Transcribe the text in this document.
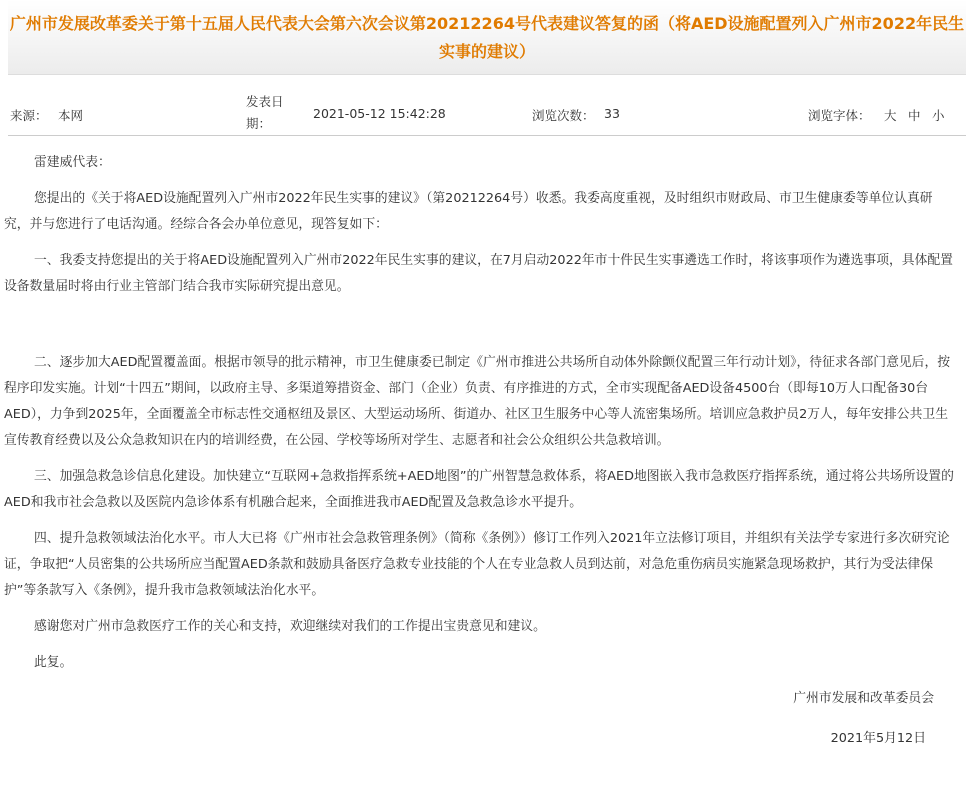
广州市发展改革委关于第十五届人民代表大会第六次会议第20212264号代表建议答复的函（将AED设施配置列入广州市2022年民生实事的建议）
来源： 本网
发表日期：
2021-05-12 15:42:28	浏览次数： 33	浏览字体： 大 中 小

雷建威代表：

您提出的《关于将AED设施配置列入广州市2022年民生实事的建议》（第20212264号）收悉。我委高度重视，及时组织市财政局、市卫生健康委等单位认真研究，并与您进行了电话沟通。经综合各会办单位意见，现答复如下：

一、我委支持您提出的关于将AED设施配置列入广州市2022年民生实事的建议，在7月启动2022年市十件民生实事遴选工作时，将该事项作为遴选事项，具体配置设备数量届时将由行业主管部门结合我市实际研究提出意见。

二、逐步加大AED配置覆盖面。根据市领导的批示精神，市卫生健康委已制定《广州市推进公共场所自动体外除颤仪配置三年行动计划》，待征求各部门意见后，按程序印发实施。计划“十四五”期间，以政府主导、多渠道筹措资金、部门（企业）负责、有序推进的方式，全市实现配备AED设备4500台（即每10万人口配备30台AED），力争到2025年，全面覆盖全市标志性交通枢纽及景区、大型运动场所、街道办、社区卫生服务中心等人流密集场所。培训应急救护员2万人，每年安排公共卫生宣传教育经费以及公众急救知识在内的培训经费，在公园、学校等场所对学生、志愿者和社会公众组织公共急救培训。

三、加强急救急诊信息化建设。加快建立“互联网+急救指挥系统+AED地图”的广州智慧急救体系，将AED地图嵌入我市急救医疗指挥系统，通过将公共场所设置的AED和我市社会急救以及医院内急诊体系有机融合起来，全面推进我市AED配置及急救急诊水平提升。

四、提升急救领域法治化水平。市人大已将《广州市社会急救管理条例》（简称《条例》）修订工作列入2021年立法修订项目，并组织有关法学专家进行多次研究论证，争取把“人员密集的公共场所应当配置AED条款和鼓励具备医疗急救专业技能的个人在专业急救人员到达前，对急危重伤病员实施紧急现场救护，其行为受法律保护”等条款写入《条例》，提升我市急救领域法治化水平。

感谢您对广州市急救医疗工作的关心和支持，欢迎继续对我们的工作提出宝贵意见和建议。

此复。

广州市发展和改革委员会
2021年5月12日
